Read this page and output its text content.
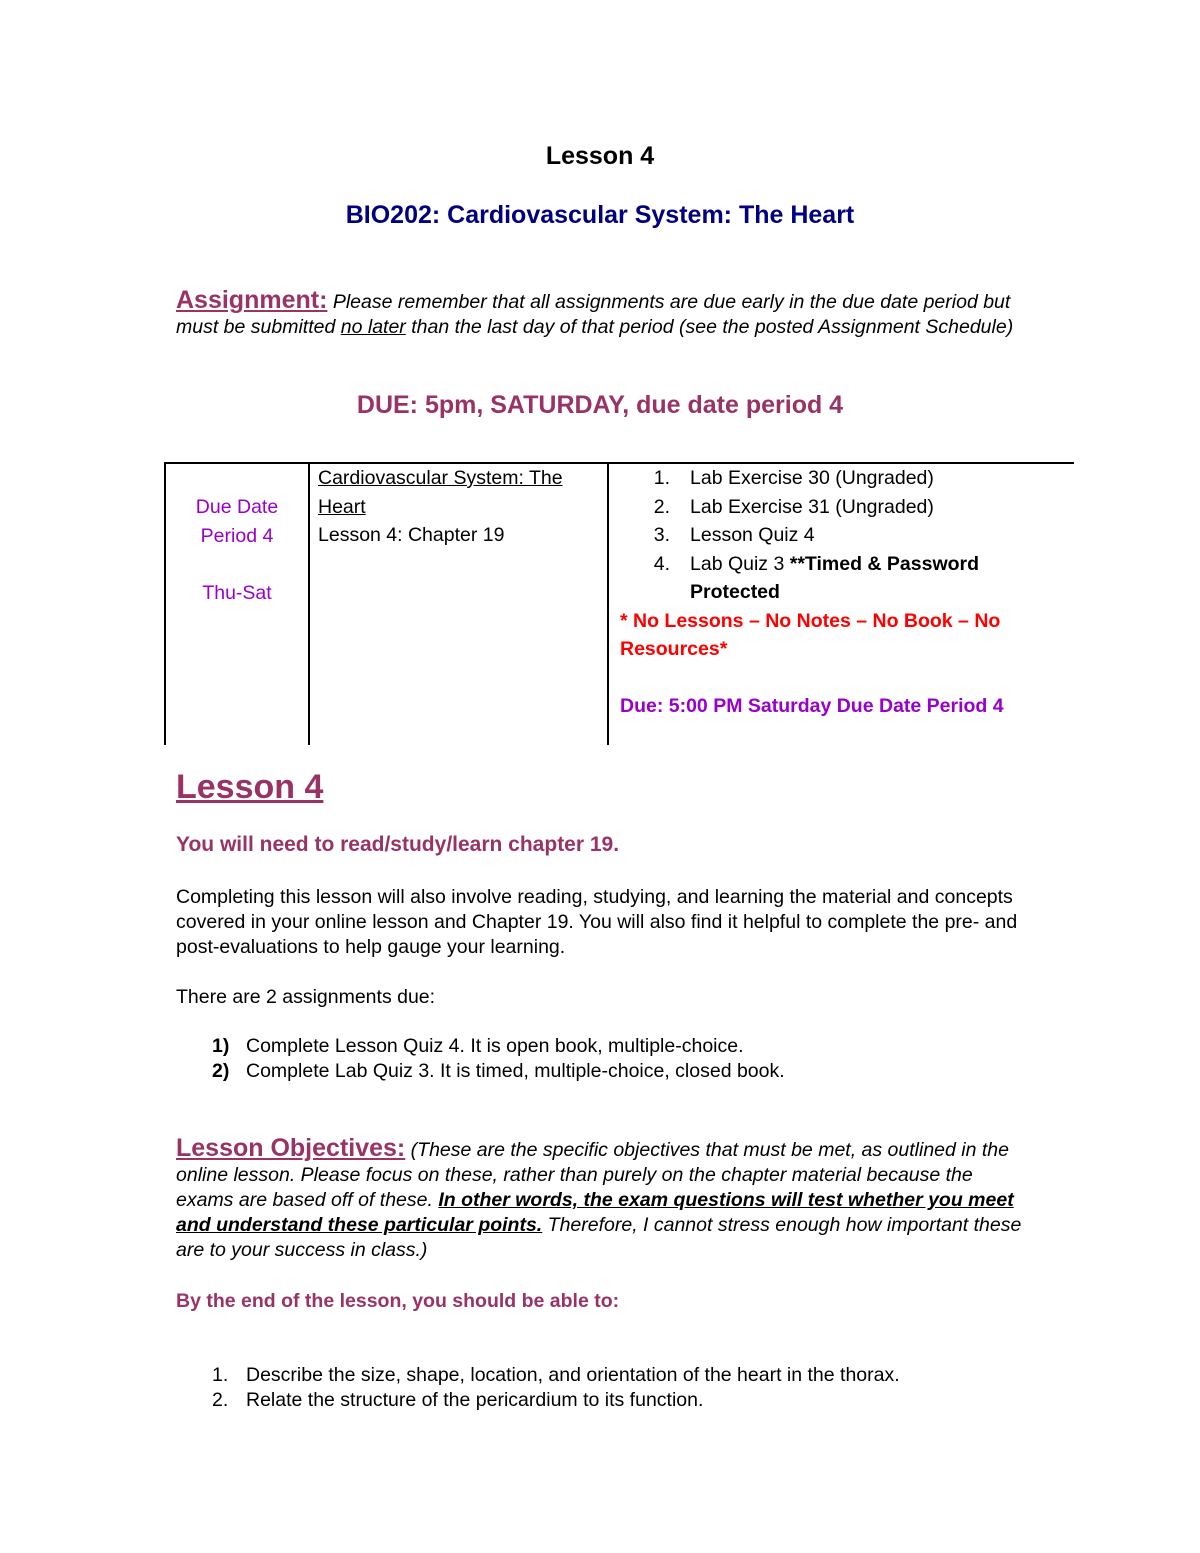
Lesson 4
BIO202: Cardiovascular System: The Heart
Assignment: Please remember that all assignments are due early in the due date period but must be submitted no later than the last day of that period (see the posted Assignment Schedule)
DUE: 5pm, SATURDAY, due date period 4
Due Date
Period 4
Thu-Sat
Cardiovascular System: The
Heart
Lesson 4: Chapter 19
1. Lab Exercise 30 (Ungraded)
2. Lab Exercise 31 (Ungraded)
3. Lesson Quiz 4
4. Lab Quiz 3 **Timed & Password
Protected
* No Lessons – No Notes – No Book – No
Resources*
Due: 5:00 PM Saturday Due Date Period 4
Lesson 4
You will need to read/study/learn chapter 19.
Completing this lesson will also involve reading, studying, and learning the material and concepts covered in your online lesson and Chapter 19. You will also find it helpful to complete the pre- and post-evaluations to help gauge your learning.
There are 2 assignments due:
1) Complete Lesson Quiz 4. It is open book, multiple-choice.
2) Complete Lab Quiz 3. It is timed, multiple-choice, closed book.
Lesson Objectives: (These are the specific objectives that must be met, as outlined in the online lesson. Please focus on these, rather than purely on the chapter material because the exams are based off of these. In other words, the exam questions will test whether you meet and understand these particular points. Therefore, I cannot stress enough how important these are to your success in class.)
By the end of the lesson, you should be able to:
1. Describe the size, shape, location, and orientation of the heart in the thorax.
2. Relate the structure of the pericardium to its function.
